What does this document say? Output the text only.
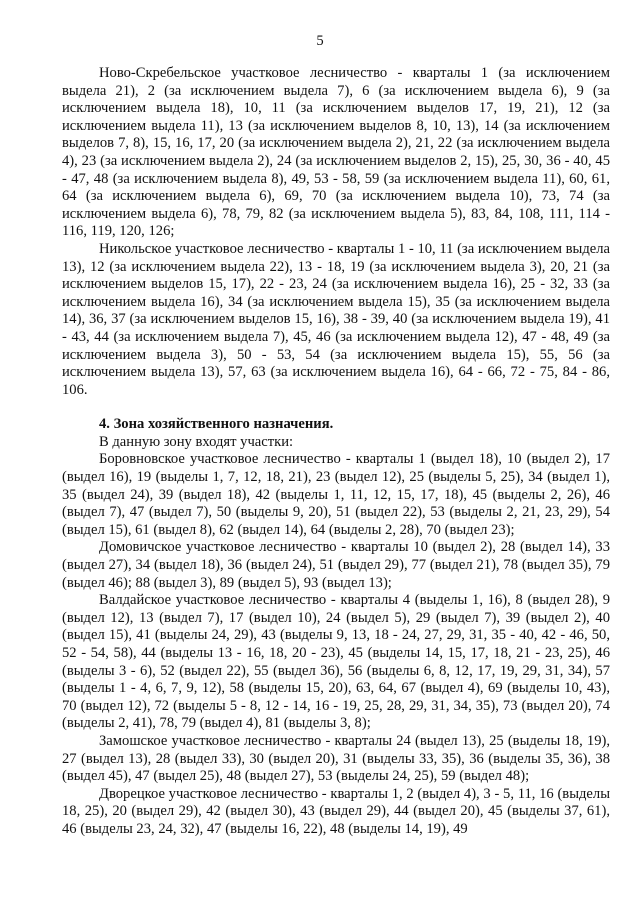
5

Ново-Скребельское участковое лесничество - кварталы 1 (за исключением выдела 21), 2 (за исключением выдела 7), 6 (за исключением выдела 6), 9 (за исключением выдела 18), 10, 11 (за исключением выделов 17, 19, 21), 12 (за исключением выдела 11), 13 (за исключением выделов 8, 10, 13), 14 (за исключением выделов 7, 8), 15, 16, 17, 20 (за исключением выдела 2), 21, 22 (за исключением выдела 4), 23 (за исключением выдела 2), 24 (за исключением выделов 2, 15), 25, 30, 36 - 40, 45 - 47, 48 (за исключением выдела 8), 49, 53 - 58, 59 (за исключением выдела 11), 60, 61, 64 (за исключением выдела 6), 69, 70 (за исключением выдела 10), 73, 74 (за исключением выдела 6), 78, 79, 82 (за исключением выдела 5), 83, 84, 108, 111, 114 - 116, 119, 120, 126;

Никольское участковое лесничество - кварталы 1 - 10, 11 (за исключением выдела 13), 12 (за исключением выдела 22), 13 - 18, 19 (за исключением выдела 3), 20, 21 (за исключением выделов 15, 17), 22 - 23, 24 (за исключением выдела 16), 25 - 32, 33 (за исключением выдела 16), 34 (за исключением выдела 15), 35 (за исключением выдела 14), 36, 37 (за исключением выделов 15, 16), 38 - 39, 40 (за исключением выдела 19), 41 - 43, 44 (за исключением выдела 7), 45, 46 (за исключением выдела 12), 47 - 48, 49 (за исключением выдела 3), 50 - 53, 54 (за исключением выдела 15), 55, 56 (за исключением выдела 13), 57, 63 (за исключением выдела 16), 64 - 66, 72 - 75, 84 - 86, 106.

4. Зона хозяйственного назначения.

В данную зону входят участки:

Боровновское участковое лесничество - кварталы 1 (выдел 18), 10 (выдел 2), 17 (выдел 16), 19 (выделы 1, 7, 12, 18, 21), 23 (выдел 12), 25 (выделы 5, 25), 34 (выдел 1), 35 (выдел 24), 39 (выдел 18), 42 (выделы 1, 11, 12, 15, 17, 18), 45 (выделы 2, 26), 46 (выдел 7), 47 (выдел 7), 50 (выделы 9, 20), 51 (выдел 22), 53 (выделы 2, 21, 23, 29), 54 (выдел 15), 61 (выдел 8), 62 (выдел 14), 64 (выделы 2, 28), 70 (выдел 23);

Домовичское участковое лесничество - кварталы 10 (выдел 2), 28 (выдел 14), 33 (выдел 27), 34 (выдел 18), 36 (выдел 24), 51 (выдел 29), 77 (выдел 21), 78 (выдел 35), 79 (выдел 46); 88 (выдел 3), 89 (выдел 5), 93 (выдел 13);

Валдайское участковое лесничество - кварталы 4 (выделы 1, 16), 8 (выдел 28), 9 (выдел 12), 13 (выдел 7), 17 (выдел 10), 24 (выдел 5), 29 (выдел 7), 39 (выдел 2), 40 (выдел 15), 41 (выделы 24, 29), 43 (выделы 9, 13, 18 - 24, 27, 29, 31, 35 - 40, 42 - 46, 50, 52 - 54, 58), 44 (выделы 13 - 16, 18, 20 - 23), 45 (выделы 14, 15, 17, 18, 21 - 23, 25), 46 (выделы 3 - 6), 52 (выдел 22), 55 (выдел 36), 56 (выделы 6, 8, 12, 17, 19, 29, 31, 34), 57 (выделы 1 - 4, 6, 7, 9, 12), 58 (выделы 15, 20), 63, 64, 67 (выдел 4), 69 (выделы 10, 43), 70 (выдел 12), 72 (выделы 5 - 8, 12 - 14, 16 - 19, 25, 28, 29, 31, 34, 35), 73 (выдел 20), 74 (выделы 2, 41), 78, 79 (выдел 4), 81 (выделы 3, 8);

Замошское участковое лесничество - кварталы 24 (выдел 13), 25 (выделы 18, 19), 27 (выдел 13), 28 (выдел 33), 30 (выдел 20), 31 (выделы 33, 35), 36 (выделы 35, 36), 38 (выдел 45), 47 (выдел 25), 48 (выдел 27), 53 (выделы 24, 25), 59 (выдел 48);

Дворецкое участковое лесничество - кварталы 1, 2 (выдел 4), 3 - 5, 11, 16 (выделы 18, 25), 20 (выдел 29), 42 (выдел 30), 43 (выдел 29), 44 (выдел 20), 45 (выделы 37, 61), 46 (выделы 23, 24, 32), 47 (выделы 16, 22), 48 (выделы 14, 19), 49
